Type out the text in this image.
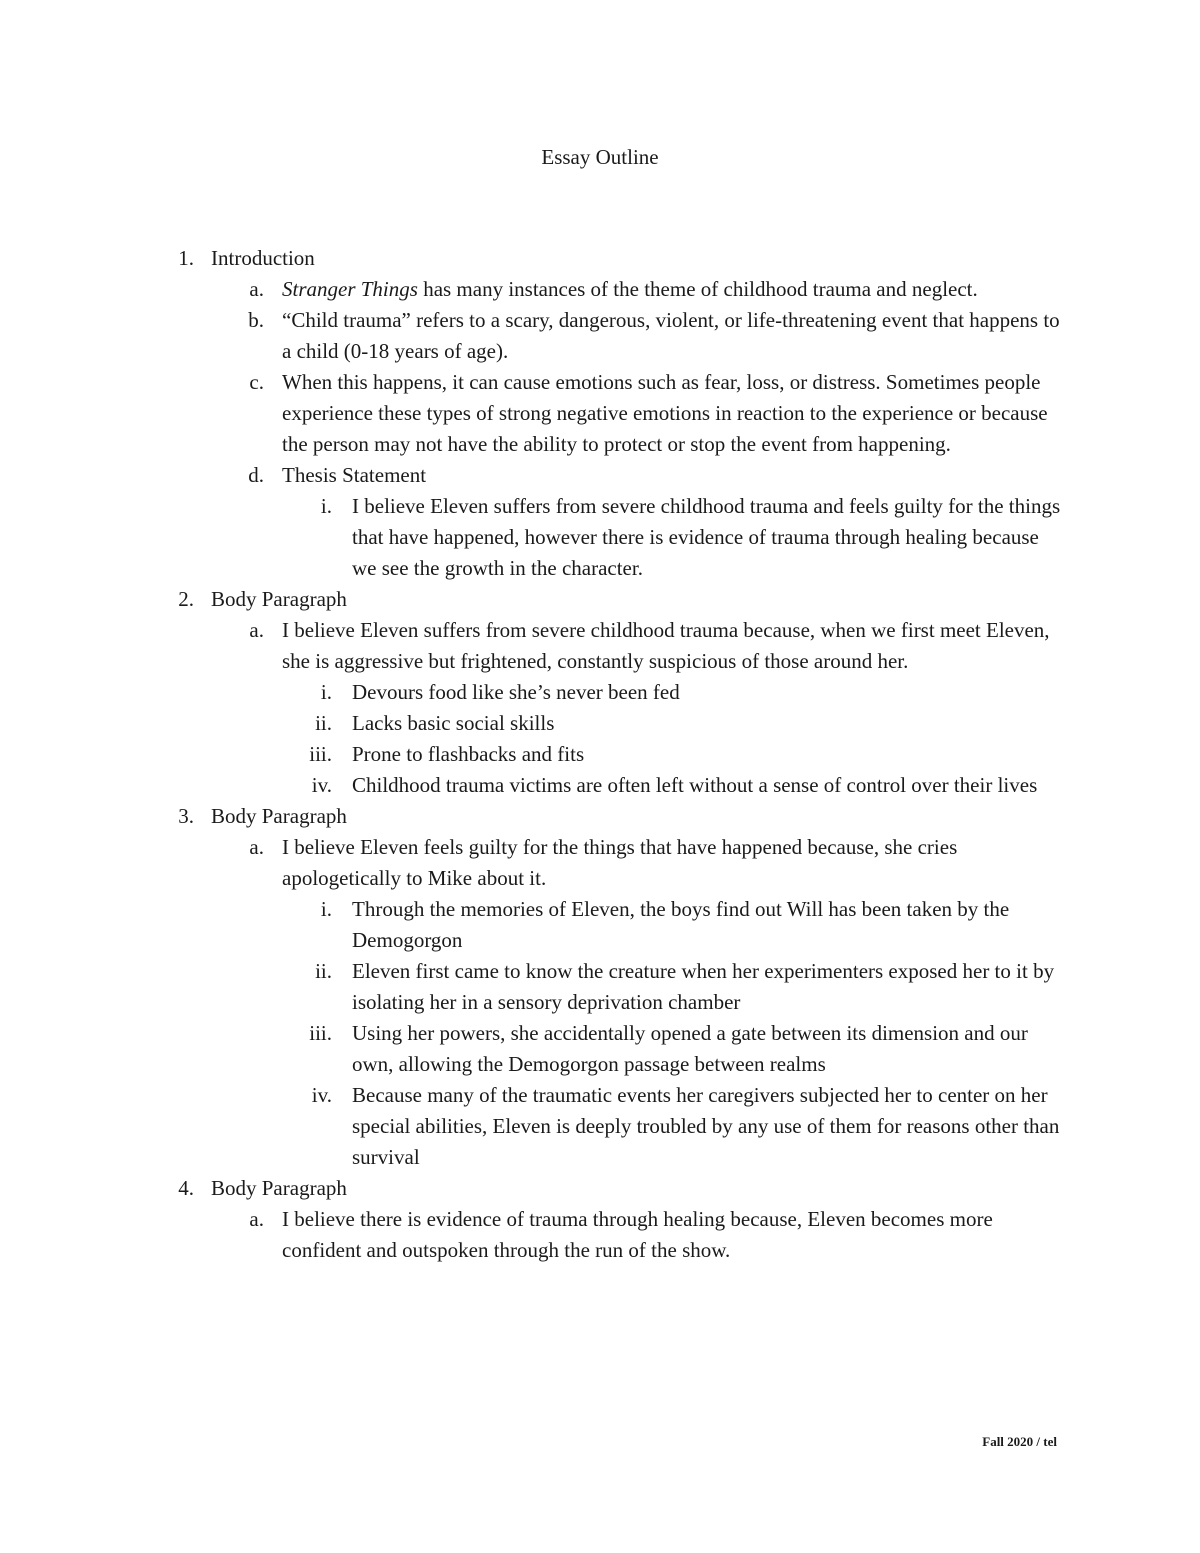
Essay Outline
1. Introduction
a. Stranger Things has many instances of the theme of childhood trauma and neglect.
b. “Child trauma” refers to a scary, dangerous, violent, or life-threatening event that happens to a child (0-18 years of age).
c. When this happens, it can cause emotions such as fear, loss, or distress. Sometimes people experience these types of strong negative emotions in reaction to the experience or because the person may not have the ability to protect or stop the event from happening.
d. Thesis Statement
i. I believe Eleven suffers from severe childhood trauma and feels guilty for the things that have happened, however there is evidence of trauma through healing because we see the growth in the character.
2. Body Paragraph
a. I believe Eleven suffers from severe childhood trauma because, when we first meet Eleven, she is aggressive but frightened, constantly suspicious of those around her.
i. Devours food like she’s never been fed
ii. Lacks basic social skills
iii. Prone to flashbacks and fits
iv. Childhood trauma victims are often left without a sense of control over their lives
3. Body Paragraph
a. I believe Eleven feels guilty for the things that have happened because, she cries apologetically to Mike about it.
i. Through the memories of Eleven, the boys find out Will has been taken by the Demogorgon
ii. Eleven first came to know the creature when her experimenters exposed her to it by isolating her in a sensory deprivation chamber
iii. Using her powers, she accidentally opened a gate between its dimension and our own, allowing the Demogorgon passage between realms
iv. Because many of the traumatic events her caregivers subjected her to center on her special abilities, Eleven is deeply troubled by any use of them for reasons other than survival
4. Body Paragraph
a. I believe there is evidence of trauma through healing because, Eleven becomes more confident and outspoken through the run of the show.
Fall 2020 / tel
